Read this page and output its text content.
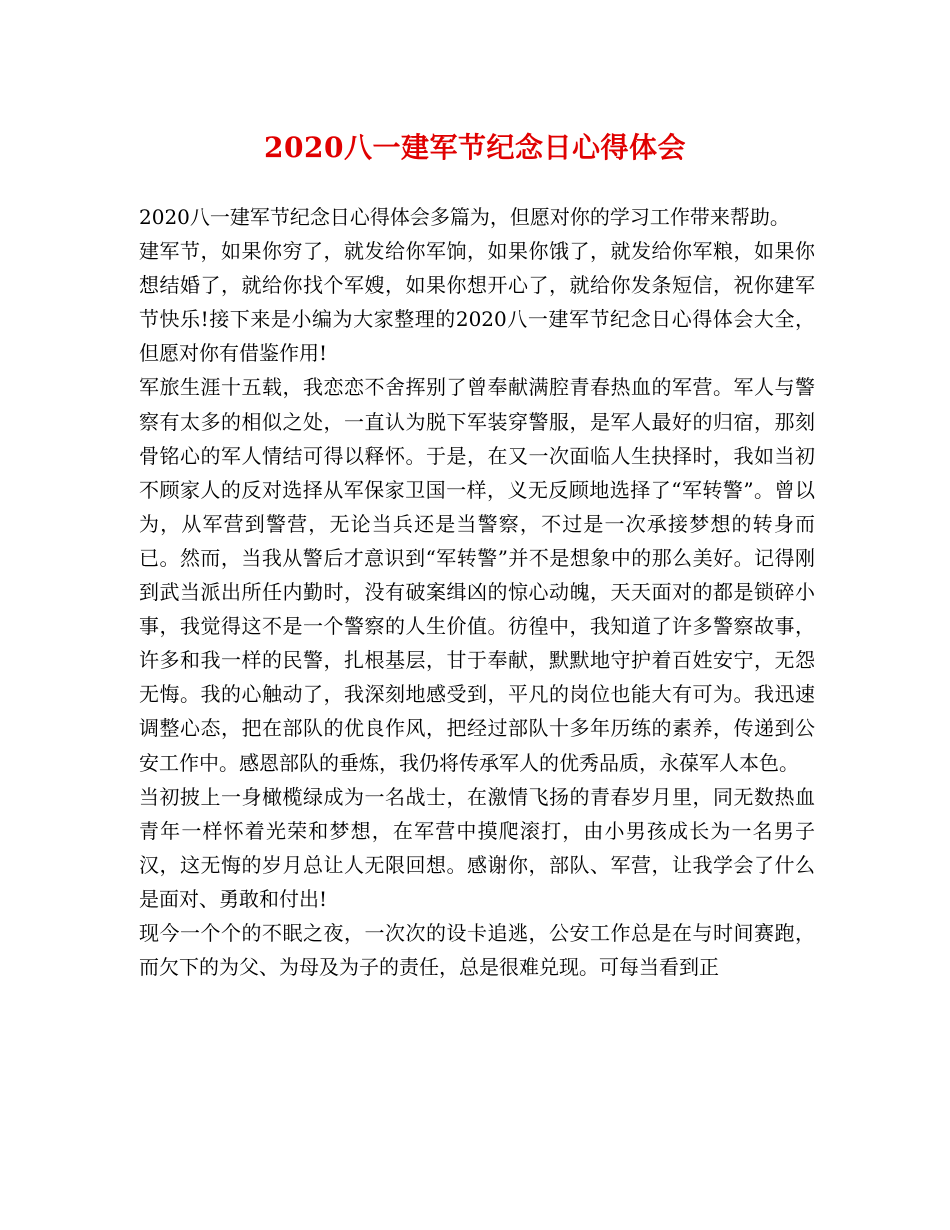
2020八一建军节纪念日心得体会

2020八一建军节纪念日心得体会多篇为，但愿对你的学习工作带来帮助。

建军节，如果你穷了，就发给你军饷，如果你饿了，就发给你军粮，如果你想结婚了，就给你找个军嫂，如果你想开心了，就给你发条短信，祝你建军节快乐!接下来是小编为大家整理的2020八一建军节纪念日心得体会大全，但愿对你有借鉴作用!

军旅生涯十五载，我恋恋不舍挥别了曾奉献满腔青春热血的军营。军人与警察有太多的相似之处，一直认为脱下军装穿警服，是军人最好的归宿，那刻骨铭心的军人情结可得以释怀。于是，在又一次面临人生抉择时，我如当初不顾家人的反对选择从军保家卫国一样，义无反顾地选择了“军转警”。曾以为，从军营到警营，无论当兵还是当警察，不过是一次承接梦想的转身而已。然而，当我从警后才意识到“军转警”并不是想象中的那么美好。记得刚到武当派出所任内勤时，没有破案缉凶的惊心动魄，天天面对的都是锁碎小事，我觉得这不是一个警察的人生价值。彷徨中，我知道了许多警察故事，许多和我一样的民警，扎根基层，甘于奉献，默默地守护着百姓安宁，无怨无悔。我的心触动了，我深刻地感受到，平凡的岗位也能大有可为。我迅速调整心态，把在部队的优良作风，把经过部队十多年历练的素养，传递到公安工作中。感恩部队的垂炼，我仍将传承军人的优秀品质，永葆军人本色。

当初披上一身橄榄绿成为一名战士，在激情飞扬的青春岁月里，同无数热血青年一样怀着光荣和梦想，在军营中摸爬滚打，由小男孩成长为一名男子汉，这无悔的岁月总让人无限回想。感谢你，部队、军营，让我学会了什么是面对、勇敢和付出!

现今一个个的不眠之夜，一次次的设卡追逃，公安工作总是在与时间赛跑，而欠下的为父、为母及为子的责任，总是很难兑现。可每当看到正
